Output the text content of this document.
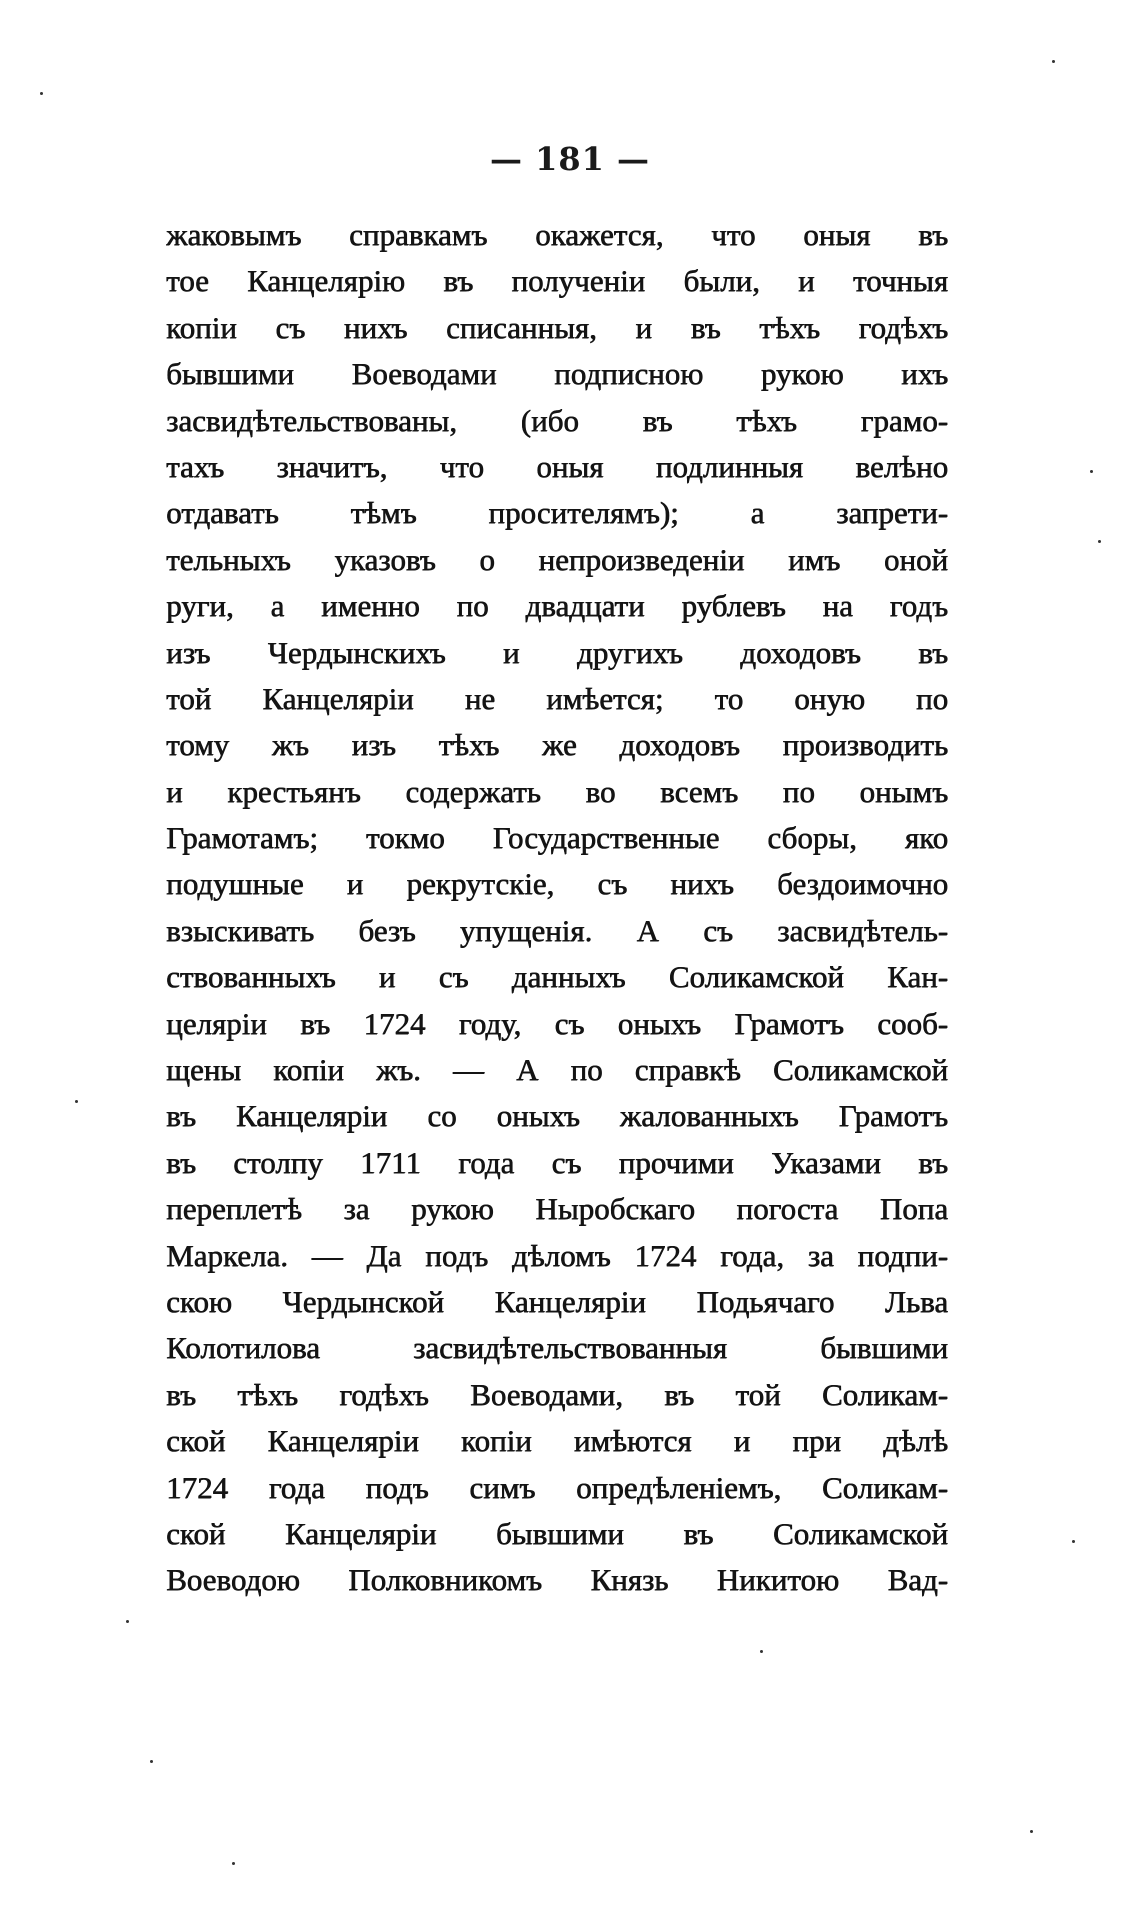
— 181 —
жаковымъ справкамъ окажется, что оныя въ
тое Канцелярію въ полученіи были, и точныя
копіи съ нихъ списанныя, и въ тѣхъ годѣхъ
бывшими Воеводами подписною рукою ихъ
засвидѣтельствованы, (ибо въ тѣхъ грамо-
тахъ значитъ, что оныя подлинныя велѣно
отдавать тѣмъ просителямъ); а запрети-
тельныхъ указовъ о непроизведеніи имъ оной
руги, а именно по двадцати рублевъ на годъ
изъ Чердынскихъ и другихъ доходовъ въ
той Канцеляріи не имѣется; то оную по
тому жъ изъ тѣхъ же доходовъ производить
и крестьянъ содержать во всемъ по онымъ
Грамотамъ; токмо Государственные сборы, яко
подушные и рекрутскіе, съ нихъ бездоимочно
взыскивать безъ упущенія. А съ засвидѣтель-
ствованныхъ и съ данныхъ Соликамской Кан-
целяріи въ 1724 году, съ оныхъ Грамотъ сооб-
щены копіи жъ. — А по справкѣ Соликамской
въ Канцеляріи со оныхъ жалованныхъ Грамотъ
въ столпу 1711 года съ прочими Указами въ
переплетѣ за рукою Ныробскаго погоста Попа
Маркела. — Да подъ дѣломъ 1724 года, за подпи-
скою Чердынской Канцеляріи Подьячаго Льва
Колотилова засвидѣтельствованныя бывшими
въ тѣхъ годѣхъ Воеводами, въ той Соликам-
ской Канцеляріи копіи имѣются и при дѣлѣ
1724 года подъ симъ опредѣленіемъ, Соликам-
ской Канцеляріи бывшими въ Соликамской
Воеводою Полковникомъ Князь Никитою Вад-
